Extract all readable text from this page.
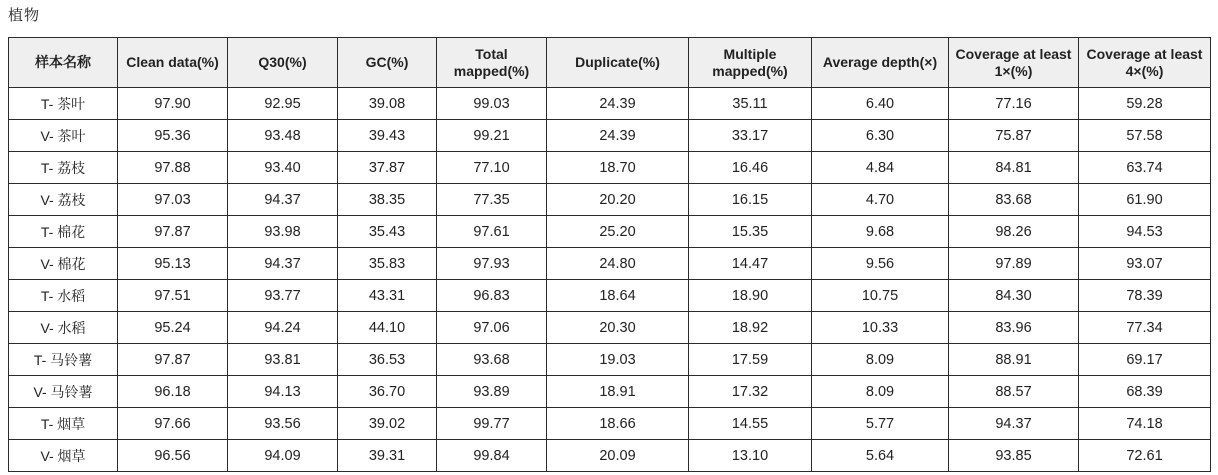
植物
样本名称	Clean data(%)	Q30(%)	GC(%)	Total mapped(%)	Duplicate(%)	Multiple mapped(%)	Average depth(×)	Coverage at least 1×(%)	Coverage at least 4×(%)
T- 茶叶	97.90	92.95	39.08	99.03	24.39	35.11	6.40	77.16	59.28
V- 茶叶	95.36	93.48	39.43	99.21	24.39	33.17	6.30	75.87	57.58
T- 荔枝	97.88	93.40	37.87	77.10	18.70	16.46	4.84	84.81	63.74
V- 荔枝	97.03	94.37	38.35	77.35	20.20	16.15	4.70	83.68	61.90
T- 棉花	97.87	93.98	35.43	97.61	25.20	15.35	9.68	98.26	94.53
V- 棉花	95.13	94.37	35.83	97.93	24.80	14.47	9.56	97.89	93.07
T- 水稻	97.51	93.77	43.31	96.83	18.64	18.90	10.75	84.30	78.39
V- 水稻	95.24	94.24	44.10	97.06	20.30	18.92	10.33	83.96	77.34
T- 马铃薯	97.87	93.81	36.53	93.68	19.03	17.59	8.09	88.91	69.17
V- 马铃薯	96.18	94.13	36.70	93.89	18.91	17.32	8.09	88.57	68.39
T- 烟草	97.66	93.56	39.02	99.77	18.66	14.55	5.77	94.37	74.18
V- 烟草	96.56	94.09	39.31	99.84	20.09	13.10	5.64	93.85	72.61
